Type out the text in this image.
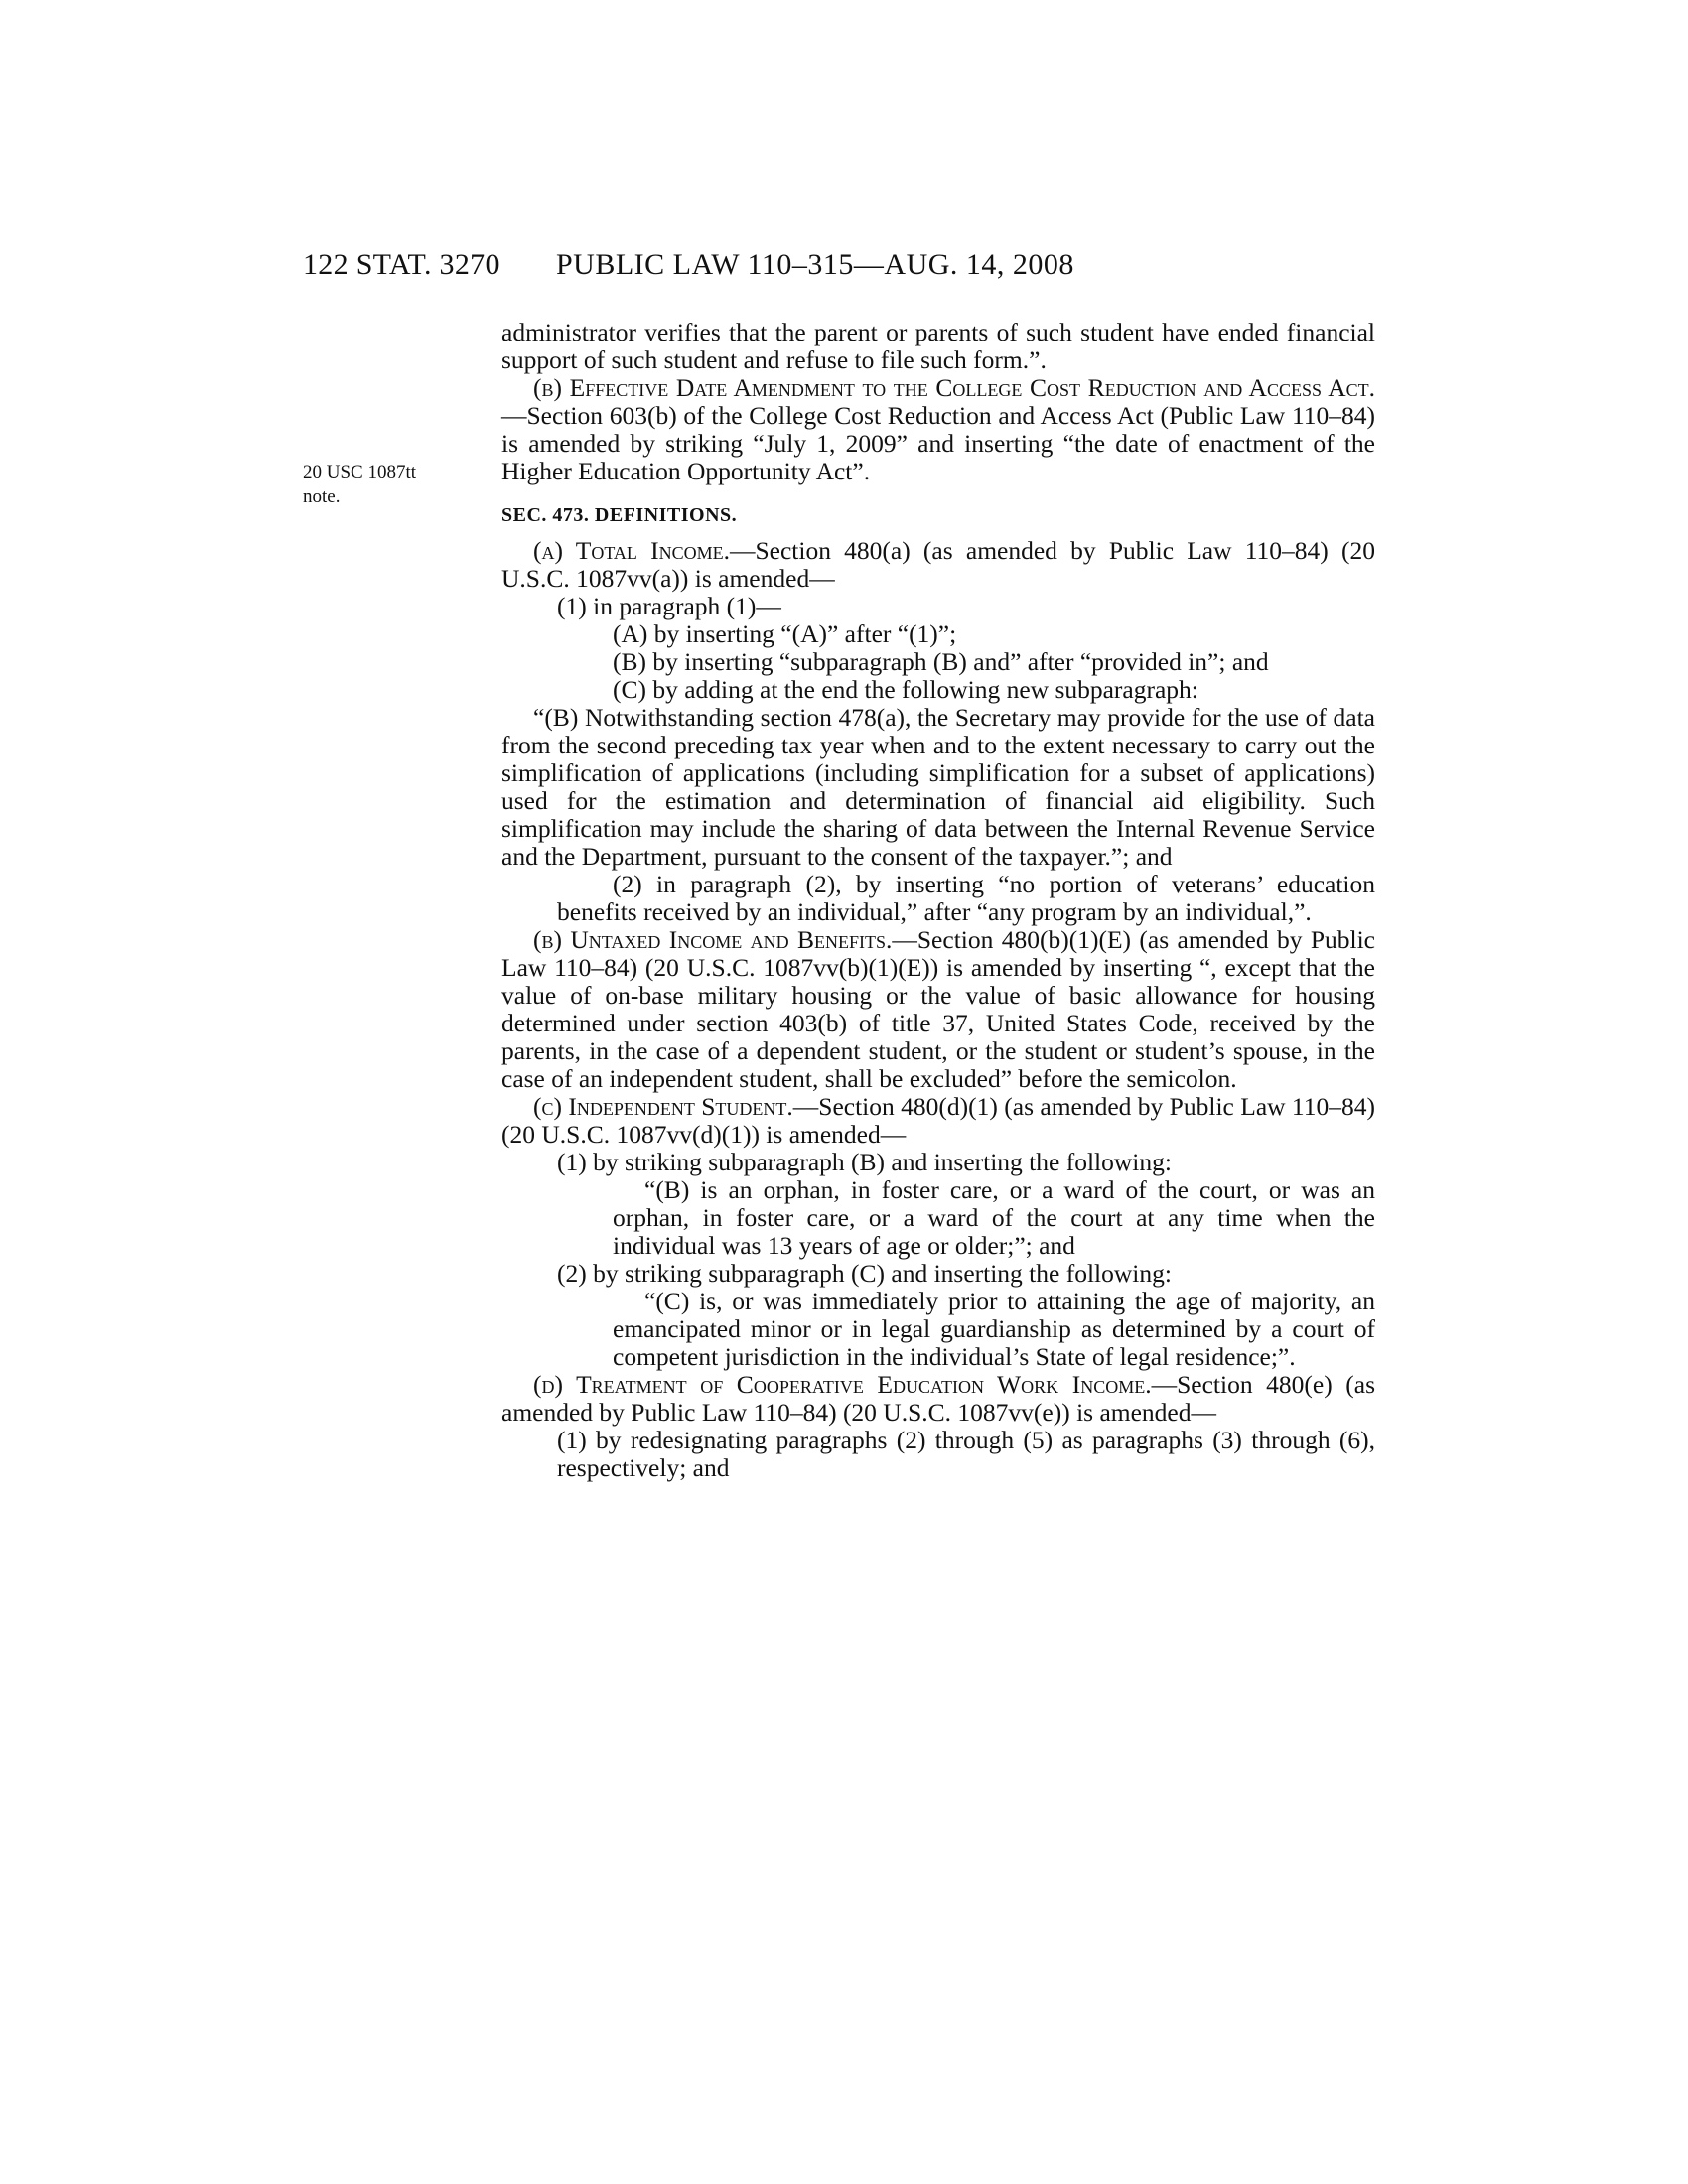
122 STAT. 3270 PUBLIC LAW 110–315—AUG. 14, 2008
20 USC 1087tt
note.

administrator verifies that the parent or parents of such student have ended financial support of such student and refuse to file such form.”.

(b) Effective Date Amendment to the College Cost Reduction and Access Act.—Section 603(b) of the College Cost Reduction and Access Act (Public Law 110–84) is amended by striking “July 1, 2009” and inserting “the date of enactment of the Higher Education Opportunity Act”.

SEC. 473. DEFINITIONS.

(a) Total Income.—Section 480(a) (as amended by Public Law 110–84) (20 U.S.C. 1087vv(a)) is amended—

(1) in paragraph (1)—

(A) by inserting “(A)” after “(1)”;

(B) by inserting “subparagraph (B) and” after “provided in”; and

(C) by adding at the end the following new subparagraph:

“(B) Notwithstanding section 478(a), the Secretary may provide for the use of data from the second preceding tax year when and to the extent necessary to carry out the simplification of applications (including simplification for a subset of applications) used for the estimation and determination of financial aid eligibility. Such simplification may include the sharing of data between the Internal Revenue Service and the Department, pursuant to the consent of the taxpayer.”; and

(2) in paragraph (2), by inserting “no portion of veterans’ education benefits received by an individual,” after “any program by an individual,”.

(b) Untaxed Income and Benefits.—Section 480(b)(1)(E) (as amended by Public Law 110–84) (20 U.S.C. 1087vv(b)(1)(E)) is amended by inserting “, except that the value of on-base military housing or the value of basic allowance for housing determined under section 403(b) of title 37, United States Code, received by the parents, in the case of a dependent student, or the student or student’s spouse, in the case of an independent student, shall be excluded” before the semicolon.

(c) Independent Student.—Section 480(d)(1) (as amended by Public Law 110–84) (20 U.S.C. 1087vv(d)(1)) is amended—

(1) by striking subparagraph (B) and inserting the following:

“(B) is an orphan, in foster care, or a ward of the court, or was an orphan, in foster care, or a ward of the court at any time when the individual was 13 years of age or older;”; and

(2) by striking subparagraph (C) and inserting the following:

“(C) is, or was immediately prior to attaining the age of majority, an emancipated minor or in legal guardianship as determined by a court of competent jurisdiction in the individual’s State of legal residence;”.

(d) Treatment of Cooperative Education Work Income.—Section 480(e) (as amended by Public Law 110–84) (20 U.S.C. 1087vv(e)) is amended—

(1) by redesignating paragraphs (2) through (5) as paragraphs (3) through (6), respectively; and
